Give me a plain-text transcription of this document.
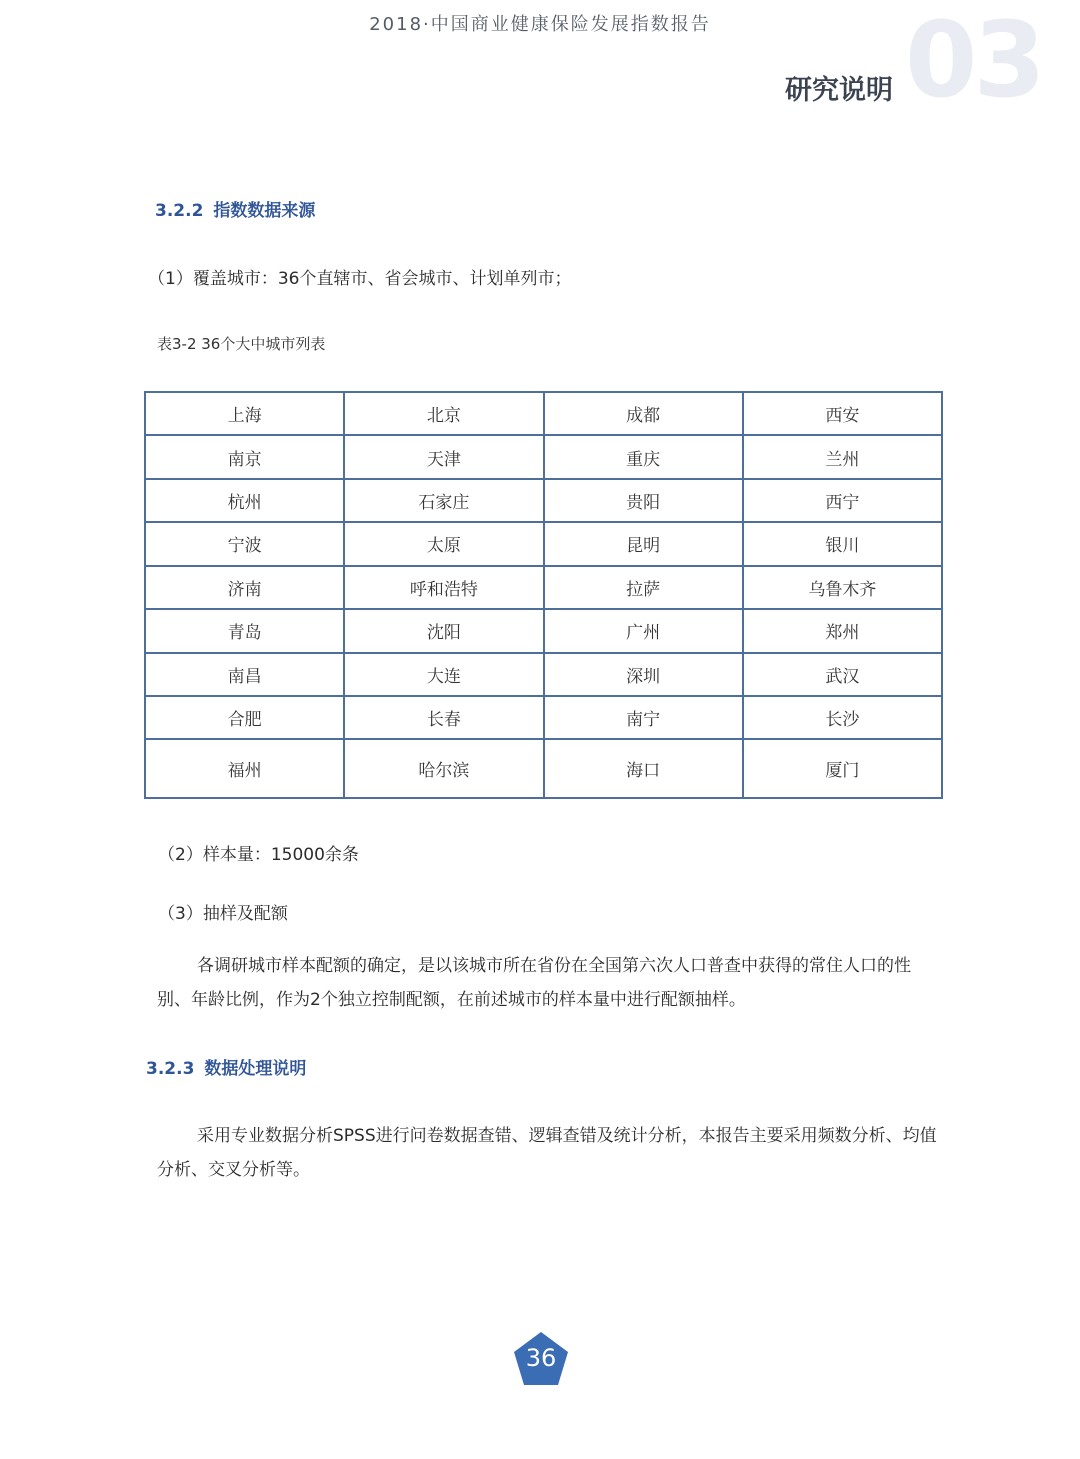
2018·中国商业健康保险发展指数报告	03
研究说明
3.2.2 指数数据来源
（1）覆盖城市：36个直辖市、省会城市、计划单列市；
表3-2 36个大中城市列表
上海	北京	成都	西安
南京	天津	重庆	兰州
杭州	石家庄	贵阳	西宁
宁波	太原	昆明	银川
济南	呼和浩特	拉萨	乌鲁木齐
青岛	沈阳	广州	郑州
南昌	大连	深圳	武汉
合肥	长春	南宁	长沙
福州	哈尔滨	海口	厦门
（2）样本量：15000余条
（3）抽样及配额
各调研城市样本配额的确定，是以该城市所在省份在全国第六次人口普查中获得的常住人口的性别、年龄比例，作为2个独立控制配额，在前述城市的样本量中进行配额抽样。
3.2.3 数据处理说明
采用专业数据分析SPSS进行问卷数据查错、逻辑查错及统计分析，本报告主要采用频数分析、均值分析、交叉分析等。
36
